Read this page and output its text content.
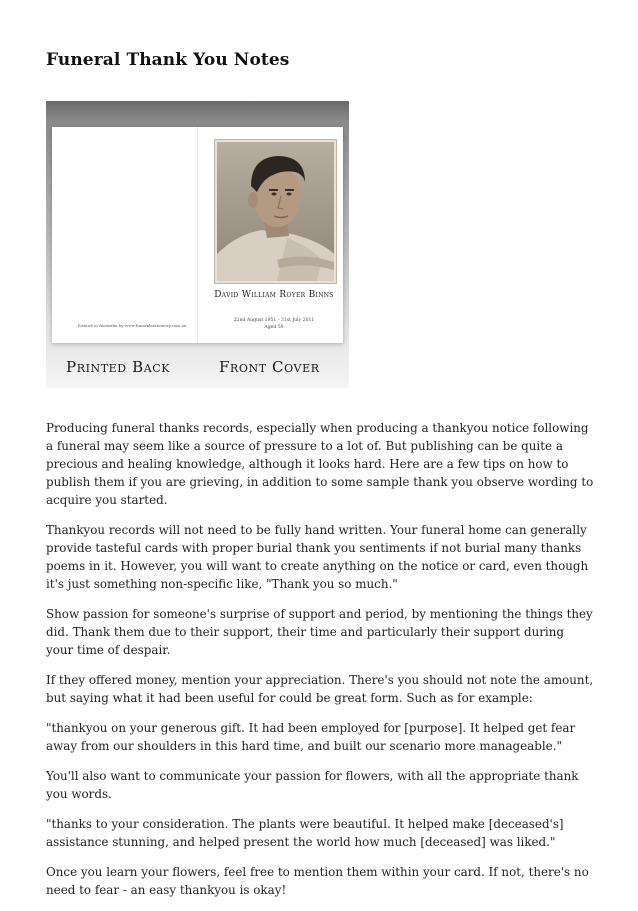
Funeral Thank You Notes
Printed in Australia by www.funeralstationery.com.au
David William Royer Binns
22nd August 1951 - 31st July 2011
Aged 59
Printed Back	Front Cover

Producing funeral thanks records, especially when producing a thankyou notice following a funeral may seem like a source of pressure to a lot of. But publishing can be quite a precious and healing knowledge, although it looks hard. Here are a few tips on how to publish them if you are grieving, in addition to some sample thank you observe wording to acquire you started.

Thankyou records will not need to be fully hand written. Your funeral home can generally provide tasteful cards with proper burial thank you sentiments if not burial many thanks poems in it. However, you will want to create anything on the notice or card, even though it's just something non-specific like, "Thank you so much."

Show passion for someone's surprise of support and period, by mentioning the things they did. Thank them due to their support, their time and particularly their support during your time of despair.

If they offered money, mention your appreciation. There's you should not note the amount, but saying what it had been useful for could be great form. Such as for example:

"thankyou on your generous gift. It had been employed for [purpose]. It helped get fear away from our shoulders in this hard time, and built our scenario more manageable."

You'll also want to communicate your passion for flowers, with all the appropriate thank you words.

"thanks to your consideration. The plants were beautiful. It helped make [deceased's] assistance stunning, and helped present the world how much [deceased] was liked."

Once you learn your flowers, feel free to mention them within your card. If not, there's no need to fear - an easy thankyou is okay!
